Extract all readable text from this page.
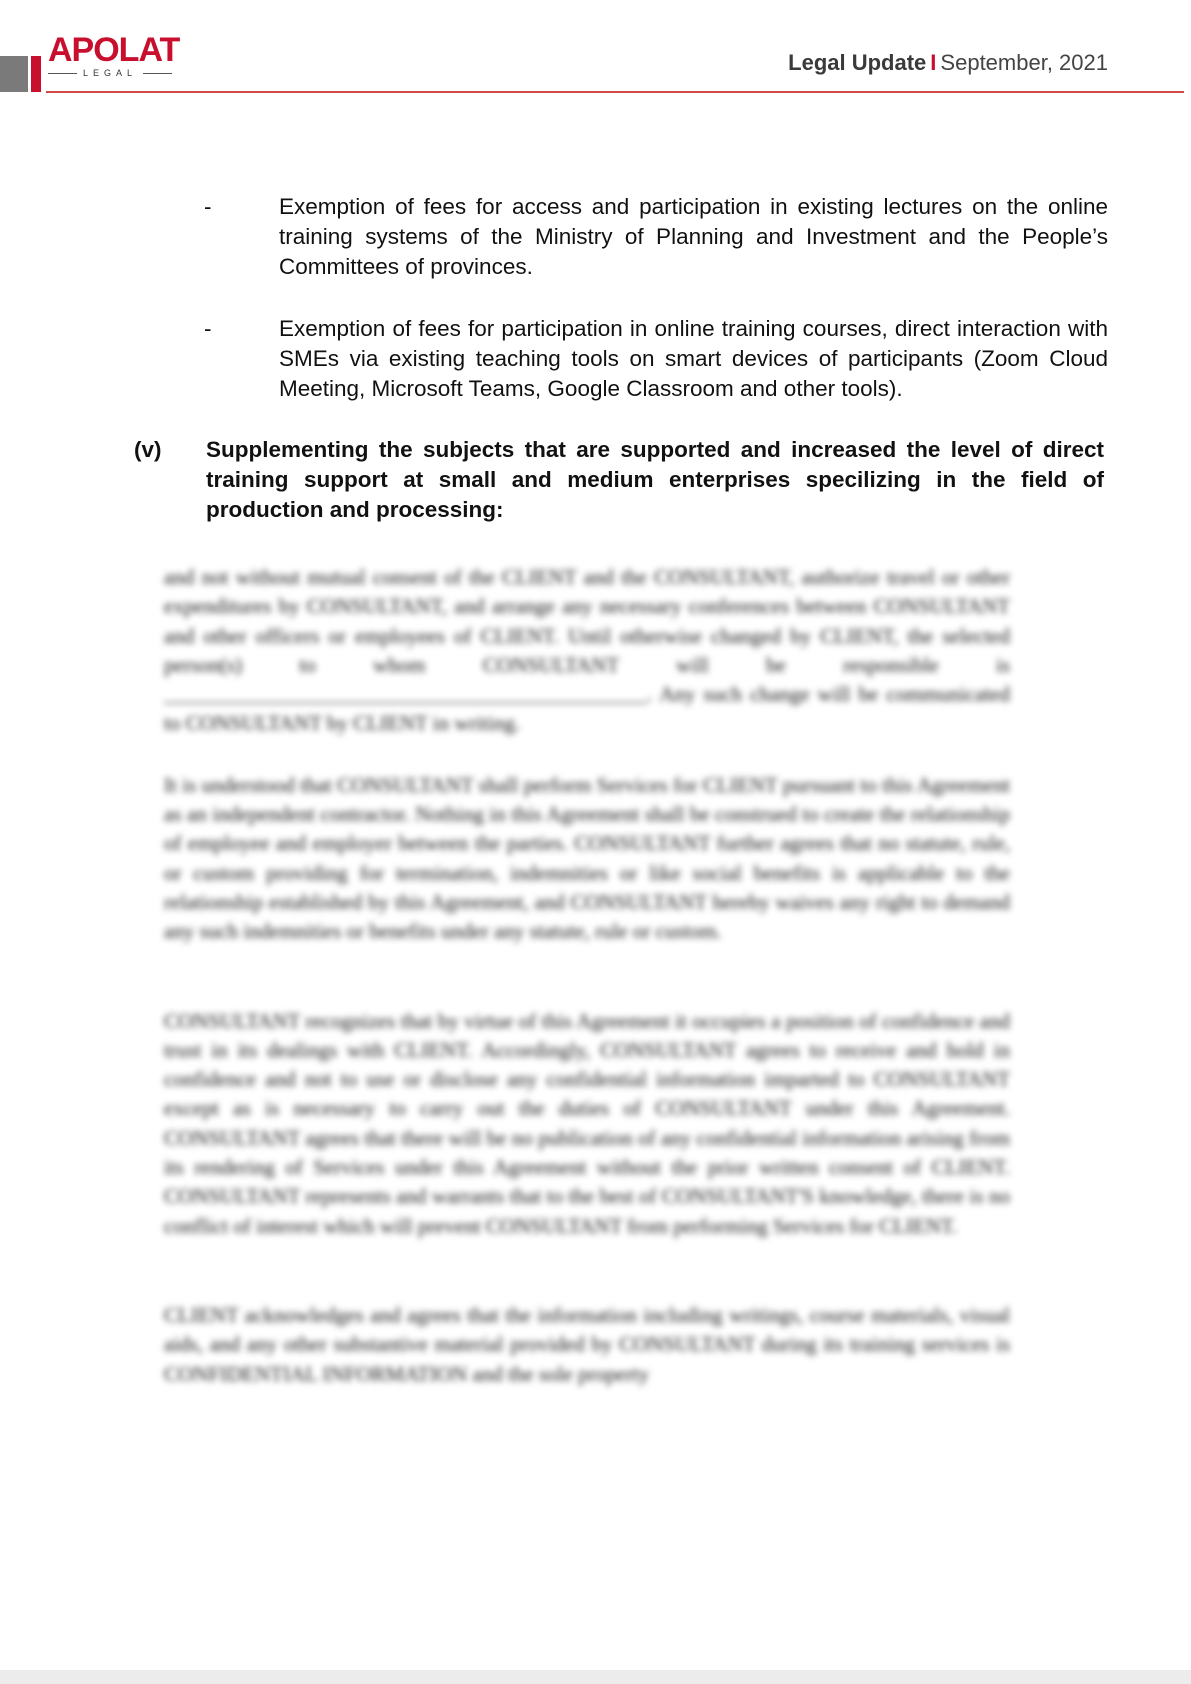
APOLAT
LEGAL	Legal Update I September, 2021
-	Exemption of fees for access and participation in existing lectures on the online training systems of the Ministry of Planning and Investment and the People’s Committees of provinces.
-	Exemption of fees for participation in online training courses, direct interaction with SMEs via existing teaching tools on smart devices of participants (Zoom Cloud Meeting, Microsoft Teams, Google Classroom and other tools).
(v) Supplementing the subjects that are supported and increased the level of direct training support at small and medium enterprises specilizing in the field of production and processing:

and not without mutual consent of the CLIENT and the CONSULTANT, authorize travel or other expenditures by CONSULTANT, and arrange any necessary conferences between CONSULTANT and other officers or employees of CLIENT. Until otherwise changed by CLIENT, the selected person(s) to whom CONSULTANT will be responsible is ______________________________________________. Any such change will be communicated to CONSULTANT by CLIENT in writing.

It is understood that CONSULTANT shall perform Services for CLIENT pursuant to this Agreement as an independent contractor. Nothing in this Agreement shall be construed to create the relationship of employee and employer between the parties. CONSULTANT further agrees that no statute, rule, or custom providing for termination, indemnities or like social benefits is applicable to the relationship established by this Agreement, and CONSULTANT hereby waives any right to demand any such indemnities or benefits under any statute, rule or custom.

CONSULTANT recognizes that by virtue of this Agreement it occupies a position of confidence and trust in its dealings with CLIENT. Accordingly, CONSULTANT agrees to receive and hold in confidence and not to use or disclose any confidential information imparted to CONSULTANT except as is necessary to carry out the duties of CONSULTANT under this Agreement. CONSULTANT agrees that there will be no publication of any confidential information arising from its rendering of Services under this Agreement without the prior written consent of CLIENT. CONSULTANT represents and warrants that to the best of CONSULTANT'S knowledge, there is no conflict of interest which will prevent CONSULTANT from performing Services for CLIENT.

CLIENT acknowledges and agrees that the information including writings, course materials, visual aids, and any other substantive material provided by CONSULTANT during its training services is CONFIDENTIAL INFORMATION and the sole property
